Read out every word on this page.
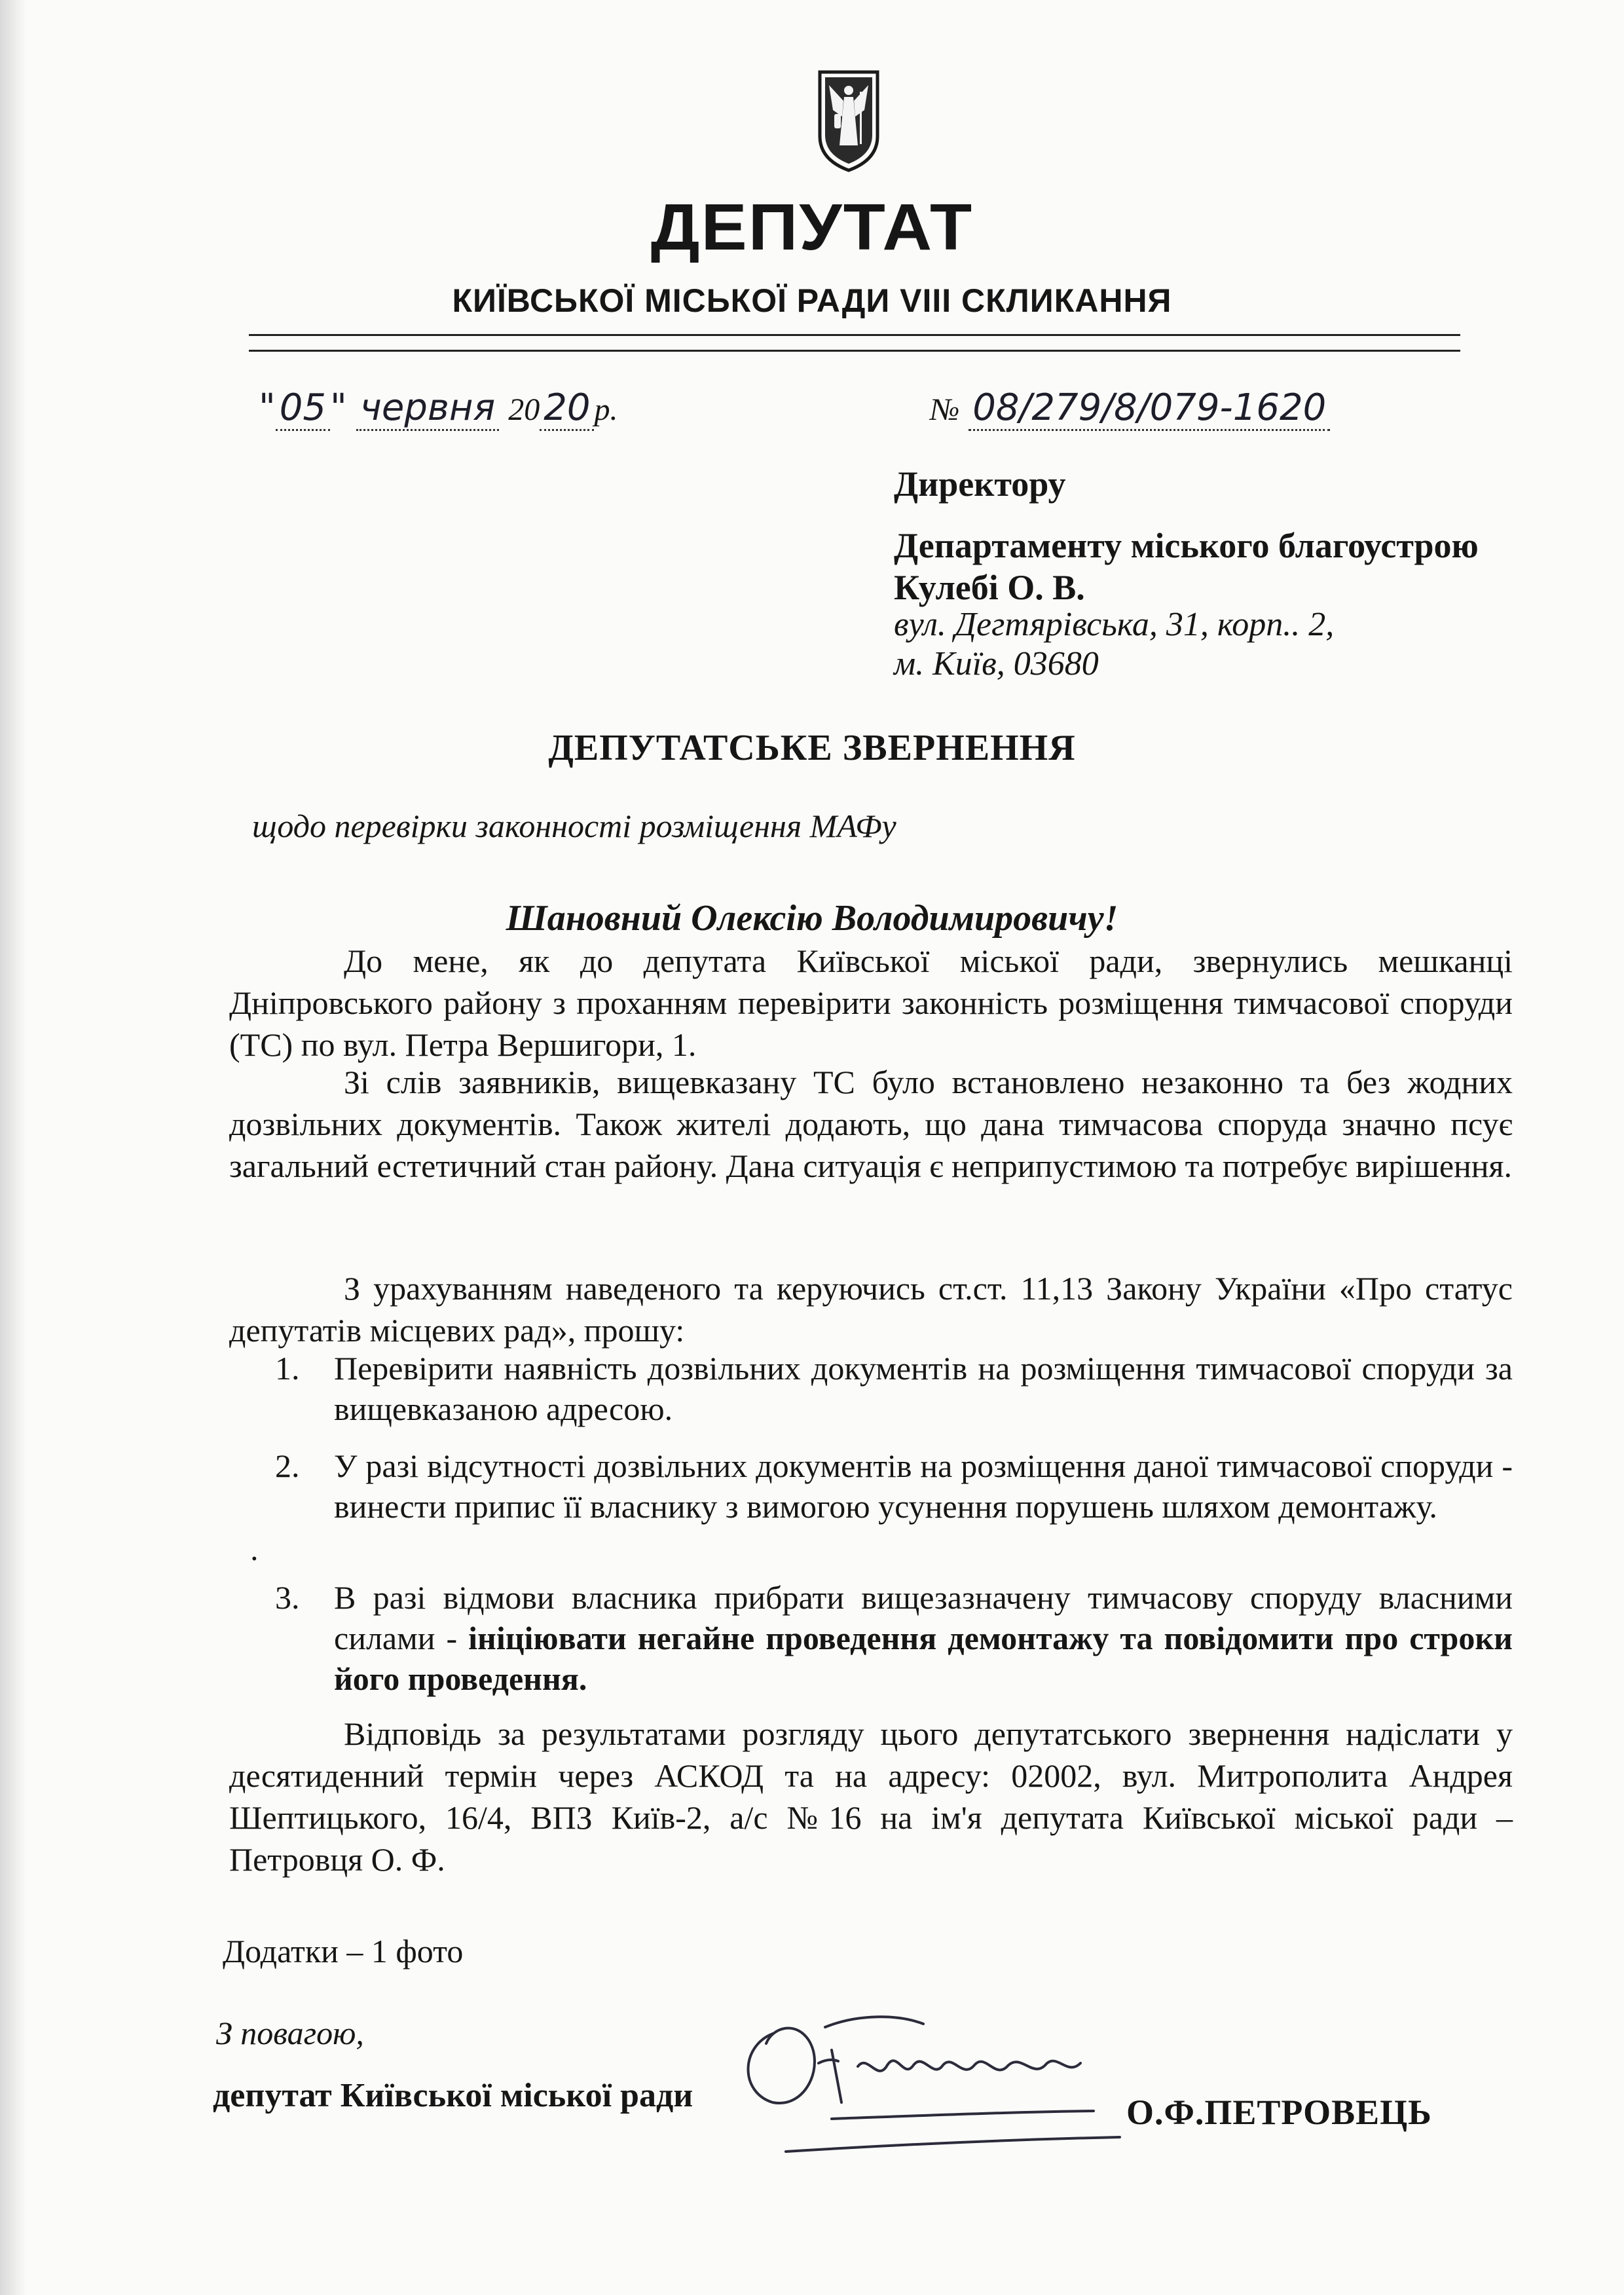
ДЕПУТАТ
КИЇВСЬКОЇ МІСЬКОЇ РАДИ VIII СКЛИКАННЯ
" 05 " червня 20 20 р.	№ 08/279/8/079-1620
Директору
Департаменту міського благоустрою
Кулебі О. В.
вул. Дегтярівська, 31, корп.. 2,
м. Київ, 03680
ДЕПУТАТСЬКЕ ЗВЕРНЕННЯ
щодо перевірки законності розміщення МАФу
Шановний Олексію Володимировичу!
До мене, як до депутата Київської міської ради, звернулись мешканці Дніпровського району з проханням перевірити законність розміщення тимчасової споруди (ТС) по вул. Петра Вершигори, 1.
Зі слів заявників, вищевказану ТС було встановлено незаконно та без жодних дозвільних документів. Також жителі додають, що дана тимчасова споруда значно псує загальний естетичний стан району. Дана ситуація є неприпустимою та потребує вирішення.
З урахуванням наведеного та керуючись ст.ст. 11,13 Закону України «Про статус депутатів місцевих рад», прошу:
1.	Перевірити наявність дозвільних документів на розміщення тимчасової споруди за вищевказаною адресою.
2.	У разі відсутності дозвільних документів на розміщення даної тимчасової споруди - винести припис її власнику з вимогою усунення порушень шляхом демонтажу.
·
3.	В разі відмови власника прибрати вищезазначену тимчасову споруду власними силами - ініціювати негайне проведення демонтажу та повідомити про строки його проведення.
Відповідь за результатами розгляду цього депутатського звернення надіслати у десятиденний термін через АСКОД та на адресу: 02002, вул. Митрополита Андрея Шептицького, 16/4, ВПЗ Київ-2, а/с №16 на ім'я депутата Київської міської ради – Петровця О. Ф.
Додатки – 1 фото
З повагою,
депутат Київської міської ради
О. Петровець
О.Ф.ПЕТРОВЕЦЬ
